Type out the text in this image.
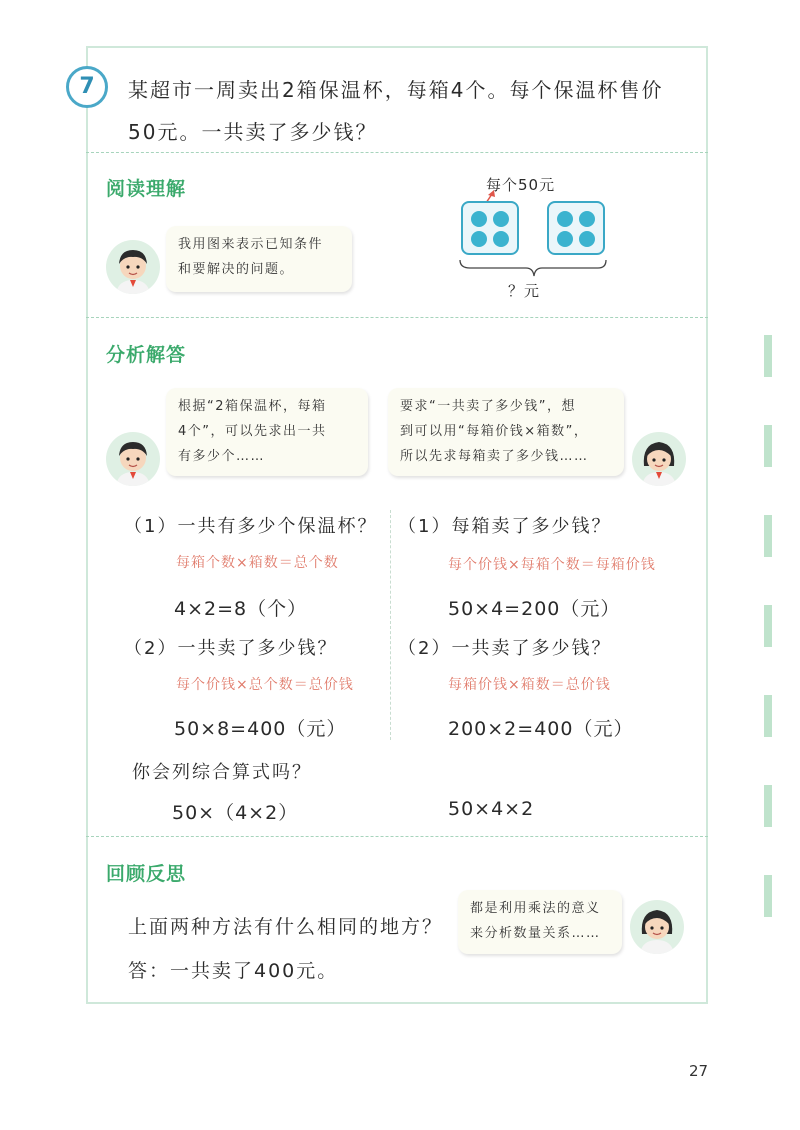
7	某超市一周卖出2箱保温杯，每箱4个。每个保温杯售价
50元。一共卖了多少钱？
阅读理解
我用图来表示已知条件
和要解决的问题。
每个50元
？元
分析解答
根据“2箱保温杯，每箱
4个”，可以先求出一共
有多少个……
要求“一共卖了多少钱”，想
到可以用“每箱价钱×箱数”，
所以先求每箱卖了多少钱……
（1）一共有多少个保温杯？
每箱个数×箱数＝总个数
4×2=8（个）
（2）一共卖了多少钱？
每个价钱×总个数＝总价钱
50×8=400（元）
（1）每箱卖了多少钱？
每个价钱×每箱个数＝每箱价钱
50×4=200（元）
（2）一共卖了多少钱？
每箱价钱×箱数＝总价钱
200×2=400（元）
你会列综合算式吗？
50×（4×2）	50×4×2
回顾反思
上面两种方法有什么相同的地方？
答：一共卖了400元。
都是利用乘法的意义
来分析数量关系……
27
